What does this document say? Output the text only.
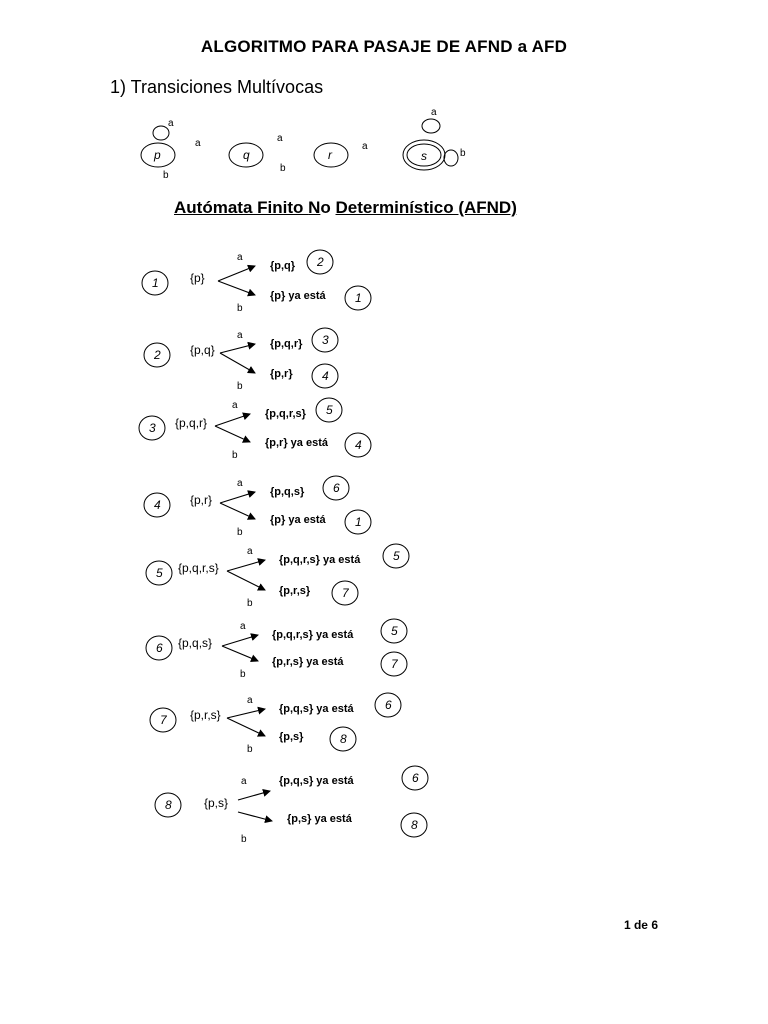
ALGORITMO PARA PASAJE DE AFND a AFD
1) Transiciones Multívocas
Autómata Finito No Determinístico (AFND)
p	q	r	s
a
a
b
a
b
a
a
b
1	{p}
a
b
{p,q}
{p} ya está
2
1
2 {p,q}
a
b
{p,q,r}
{p,r}
3
4
3 {p,q,r}
a
b
{p,q,r,s}
{p,r} ya está
5
4
4 {p,r}
a
b
{p,q,s}
{p} ya está
6
1
5 {p,q,r,s}
a
b
{p,q,r,s} ya está
{p,r,s}
5
7
6 {p,q,s}
a
b
{p,q,r,s} ya está
{p,r,s} ya está
5
7
7 {p,r,s}
a
b
{p,q,s} ya está
{p,s}
6
8
8	{p,s}
a
b
{p,q,s} ya está
{p,s} ya está
6
8
1 de 6
